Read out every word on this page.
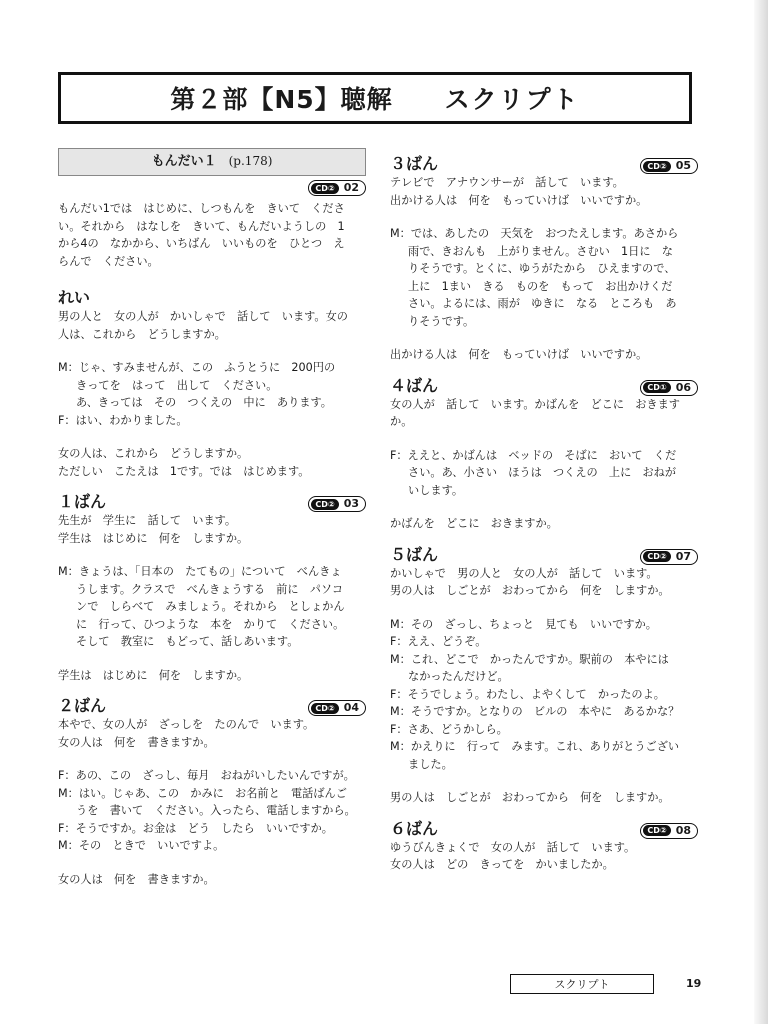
第２部【N5】聴解 スクリプト
もんだい１ (p.178)
CD② 02

もんだい1では　はじめに、しつもんを　きいて　くださ

い。それから　はなしを　きいて、もんだいようしの　1

から4の　なかから、いちばん　いいものを　ひとつ　え

らんで　ください。

れい

男の人と　女の人が　かいしゃで　話して　います。女の

人は、これから　どうしますか。

M： じゃ、すみませんが、この　ふうとうに　200円の
きってを　はって　出して　ください。
あ、きっては　その　つくえの　中に　あります。
F： はい、わかりました。

女の人は、これから　どうしますか。

ただしい　こたえは　1です。では　はじめます。

１ばん	CD② 03

先生が　学生に　話して　います。

学生は　はじめに　何を　しますか。

M： きょうは、「日本の　たてもの」について　べんきょ
うします。クラスで　べんきょうする　前に　パソコ
ンで　しらべて　みましょう。それから　としょかん
に　行って、ひつような　本を　かりて　ください。
そして　教室に　もどって、話しあいます。

学生は　はじめに　何を　しますか。

２ばん	CD② 04

本やで、女の人が　ざっしを　たのんで　います。

女の人は　何を　書きますか。

F： あの、この　ざっし、毎月　おねがいしたいんですが。
M： はい。じゃあ、この　かみに　お名前と　電話ばんご
うを　書いて　ください。入ったら、電話しますから。
F： そうですか。お金は　どう　したら　いいですか。
M： その　ときで　いいですよ。

女の人は　何を　書きますか。

３ばん	CD② 05

テレビで　アナウンサーが　話して　います。

出かける人は　何を　もっていけば　いいですか。

M： では、あしたの　天気を　おつたえします。あさから
雨で、きおんも　上がりません。さむい　1日に　な
りそうです。とくに、ゆうがたから　ひえますので、
上に　1まい　きる　ものを　もって　お出かけくだ
さい。よるには、雨が　ゆきに　なる　ところも　あ
りそうです。

出かける人は　何を　もっていけば　いいですか。

４ばん	CD① 06

女の人が　話して　います。かばんを　どこに　おきます

か。

F： ええと、かばんは　ベッドの　そばに　おいて　くだ
さい。あ、小さい　ほうは　つくえの　上に　おねが
いします。

かばんを　どこに　おきますか。

５ばん	CD② 07

かいしゃで　男の人と　女の人が　話して　います。

男の人は　しごとが　おわってから　何を　しますか。

M： その　ざっし、ちょっと　見ても　いいですか。
F： ええ、どうぞ。
M： これ、どこで　かったんですか。駅前の　本やには
なかったんだけど。
F： そうでしょう。わたし、よやくして　かったのよ。
M： そうですか。となりの　ビルの　本やに　あるかな？
F： さあ、どうかしら。
M： かえりに　行って　みます。これ、ありがとうござい
ました。

男の人は　しごとが　おわってから　何を　しますか。

６ばん	CD② 08

ゆうびんきょくで　女の人が　話して　います。

女の人は　どの　きってを　かいましたか。

スクリプト	19
